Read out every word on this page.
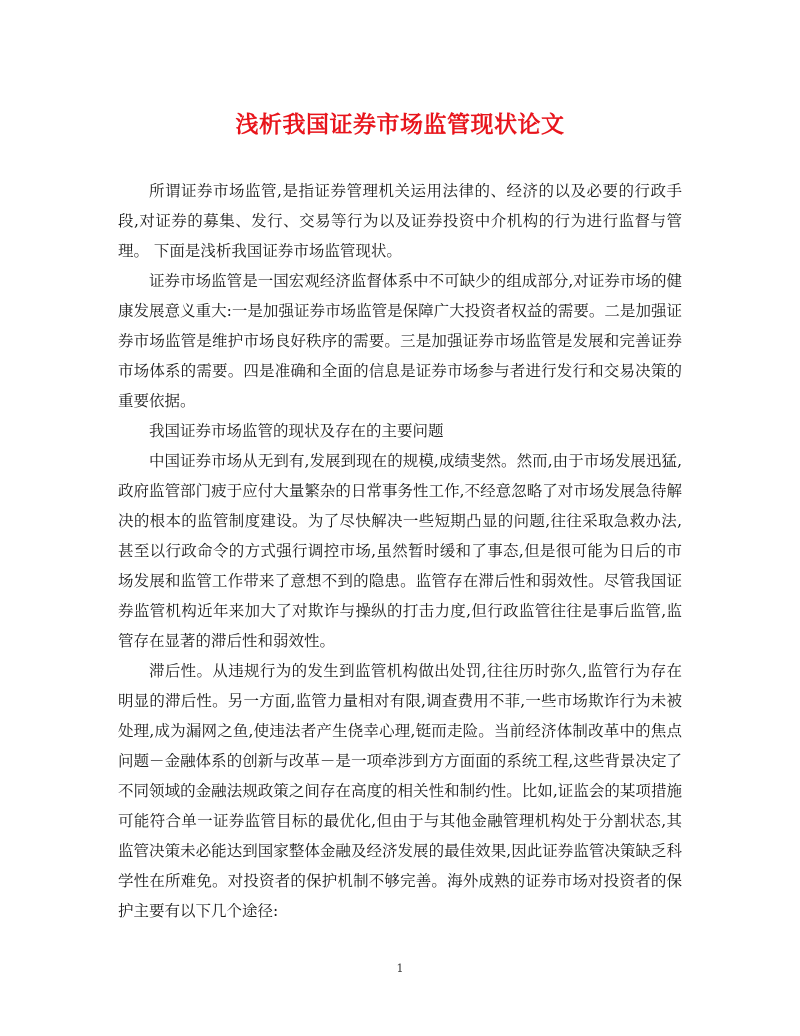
浅析我国证券市场监管现状论文

所谓证券市场监管,是指证券管理机关运用法律的、经济的以及必要的行政手段,对证券的募集、发行、交易等行为以及证券投资中介机构的行为进行监督与管理。 下面是浅析我国证券市场监管现状。

证券市场监管是一国宏观经济监督体系中不可缺少的组成部分,对证券市场的健康发展意义重大:一是加强证券市场监管是保障广大投资者权益的需要。二是加强证券市场监管是维护市场良好秩序的需要。三是加强证券市场监管是发展和完善证券市场体系的需要。四是准确和全面的信息是证券市场参与者进行发行和交易决策的重要依据。

我国证券市场监管的现状及存在的主要问题

中国证券市场从无到有,发展到现在的规模,成绩斐然。然而,由于市场发展迅猛,政府监管部门疲于应付大量繁杂的日常事务性工作,不经意忽略了对市场发展急待解决的根本的监管制度建设。为了尽快解决一些短期凸显的问题,往往采取急救办法,甚至以行政命令的方式强行调控市场,虽然暂时缓和了事态,但是很可能为日后的市场发展和监管工作带来了意想不到的隐患。监管存在滞后性和弱效性。尽管我国证券监管机构近年来加大了对欺诈与操纵的打击力度,但行政监管往往是事后监管,监管存在显著的滞后性和弱效性。

滞后性。从违规行为的发生到监管机构做出处罚,往往历时弥久,监管行为存在明显的滞后性。另一方面,监管力量相对有限,调查费用不菲,一些市场欺诈行为未被处理,成为漏网之鱼,使违法者产生侥幸心理,铤而走险。当前经济体制改革中的焦点问题－金融体系的创新与改革－是一项牵涉到方方面面的系统工程,这些背景决定了不同领域的金融法规政策之间存在高度的相关性和制约性。比如,证监会的某项措施可能符合单一证券监管目标的最优化,但由于与其他金融管理机构处于分割状态,其监管决策未必能达到国家整体金融及经济发展的最佳效果,因此证券监管决策缺乏科学性在所难免。对投资者的保护机制不够完善。海外成熟的证券市场对投资者的保护主要有以下几个途径:

1
